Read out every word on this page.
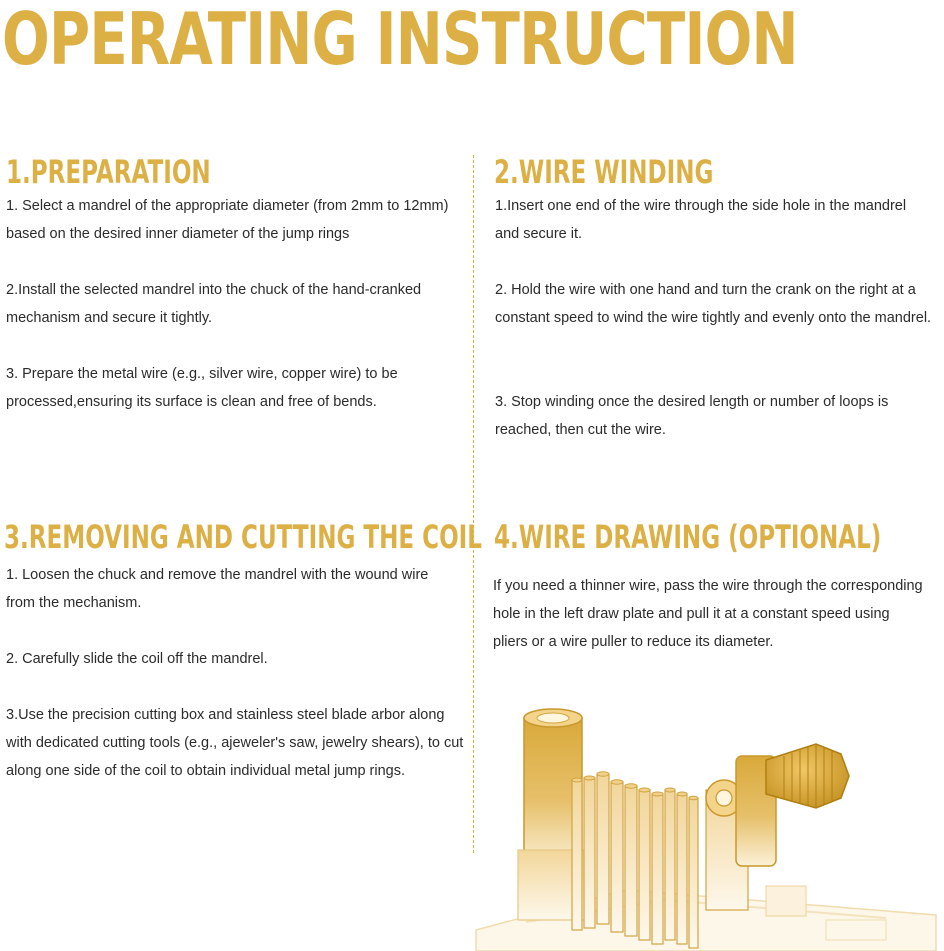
OPERATING INSTRUCTION
1.PREPARATION

1. Select a mandrel of the appropriate diameter (from 2mm to 12mm) based on the desired inner diameter of the jump rings

2.Install the selected mandrel into the chuck of the hand-cranked mechanism and secure it tightly.

3. Prepare the metal wire (e.g., silver wire, copper wire) to be processed,ensuring its surface is clean and free of bends.

2.WIRE WINDING

1.Insert one end of the wire through the side hole in the mandrel and secure it.

2. Hold the wire with one hand and turn the crank on the right at a constant speed to wind the wire tightly and evenly onto the mandrel.

3. Stop winding once the desired length or number of loops is reached, then cut the wire.

3.REMOVING AND CUTTING THE COIL

1. Loosen the chuck and remove the mandrel with the wound wire from the mechanism.

2. Carefully slide the coil off the mandrel.

3.Use the precision cutting box and stainless steel blade arbor along with dedicated cutting tools (e.g., ajeweler's saw, jewelry shears), to cut along one side of the coil to obtain individual metal jump rings.

4.WIRE DRAWING (OPTIONAL)

If you need a thinner wire, pass the wire through the corresponding hole in the left draw plate and pull it at a constant speed using pliers or a wire puller to reduce its diameter.
